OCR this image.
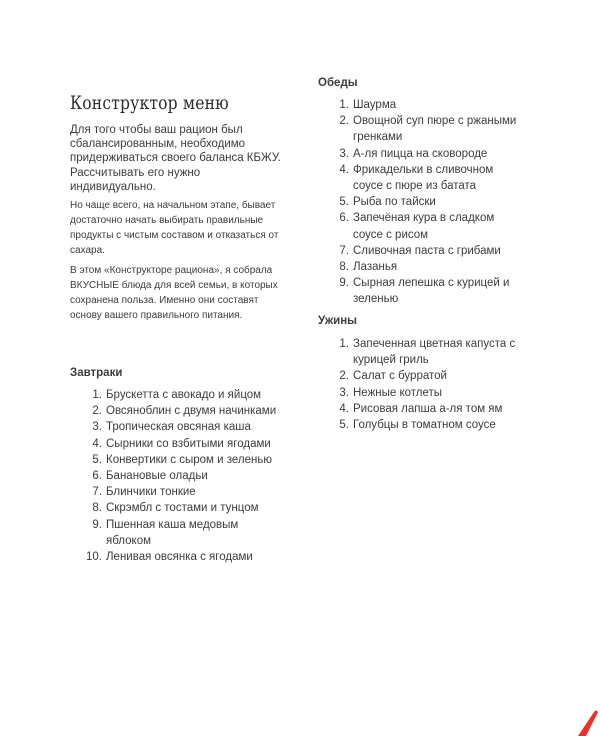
Конструктор меню

Для того чтобы ваш рацион был сбалансированным, необходимо придерживаться своего баланса КБЖУ. Рассчитывать его нужно индивидуально.

Но чаще всего, на начальном этапе, бывает достаточно начать выбирать правильные продукты с чистым составом и отказаться от сахара.

В этом «Конструкторе рациона», я собрала ВКУСНЫЕ блюда для всей семьи, в которых сохранена польза. Именно они составят основу вашего правильного питания.

Завтраки
1. Брускетта с авокадо и яйцом
2. Овсяноблин с двумя начинками
3. Тропическая овсяная каша
4. Сырники со взбитыми ягодами
5. Конвертики с сыром и зеленью
6. Банановые оладьи
7. Блинчики тонкие
8. Скрэмбл с тостами и тунцом
9. Пшенная каша медовым яблоком
10. Ленивая овсянка с ягодами
Обеды
1. Шаурма
2. Овощной суп пюре с ржаными гренками
3. А-ля пицца на сковороде
4. Фрикадельки в сливочном соусе с пюре из батата
5. Рыба по тайски
6. Запечёная кура в сладком соусе с рисом
7. Сливочная паста с грибами
8. Лазанья
9. Сырная лепешка с курицей и зеленью
Ужины
1. Запеченная цветная капуста с курицей гриль
2. Салат с бурратой
3. Нежные котлеты
4. Рисовая лапша а-ля том ям
5. Голубцы в томатном соусе
